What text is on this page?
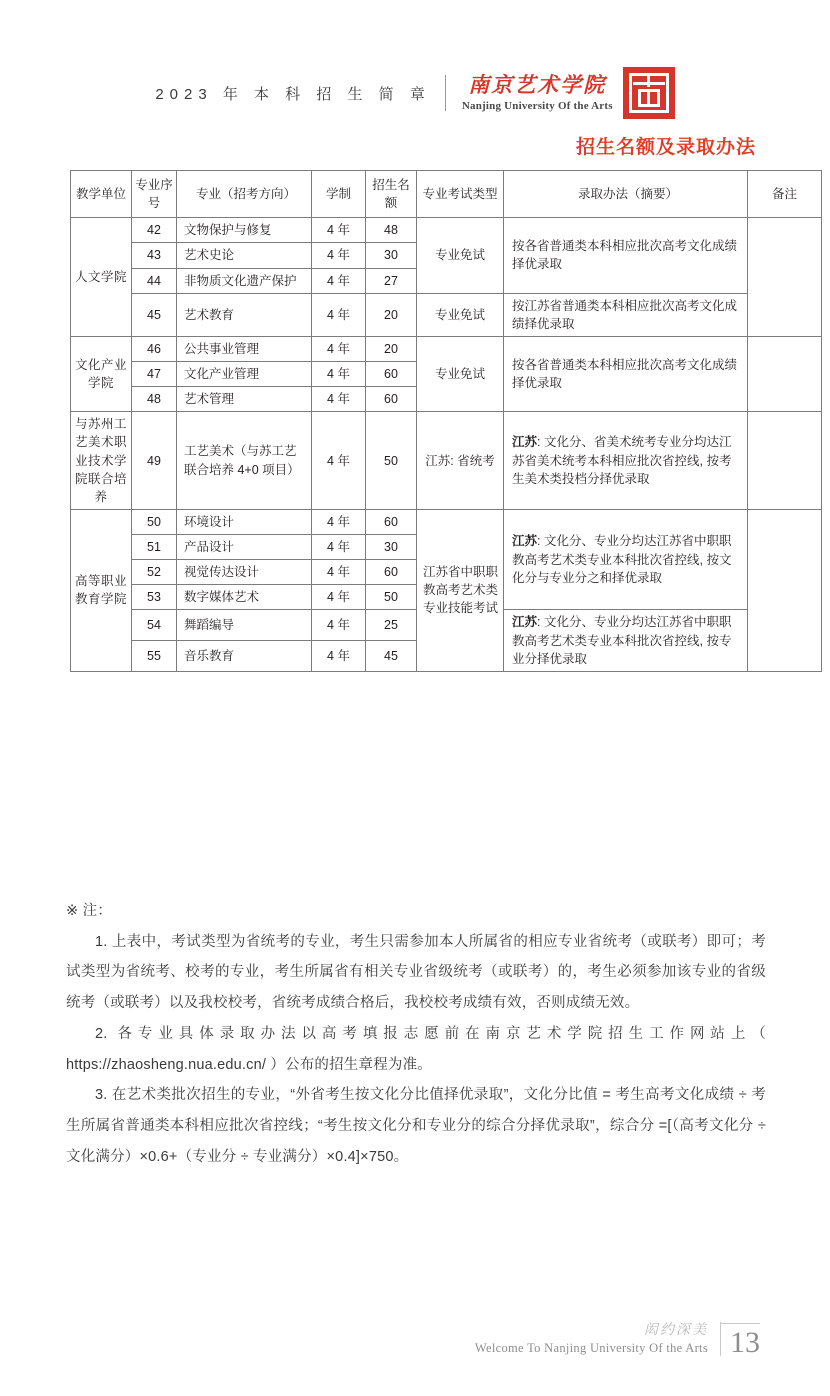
2023 年 本 科 招 生 简 章	南京艺术学院
Nanjing University Of the Arts
招生名额及录取办法
教学单位	专业序号	专业（招考方向）	学制	招生名额	专业考试类型	录取办法（摘要）	备注
人文学院	42	文物保护与修复	4 年	48	专业免试	按各省普通类本科相应批次高考文化成绩择优录取	
	43	艺术史论	4 年	30			
	44	非物质文化遗产保护	4 年	27			
	45	艺术教育	4 年	20	专业免试	按江苏省普通类本科相应批次高考文化成绩择优录取	
文化产业学院	46	公共事业管理	4 年	20	专业免试	按各省普通类本科相应批次高考文化成绩择优录取	
	47	文化产业管理	4 年	60			
	48	艺术管理	4 年	60			
与苏州工艺美术职业技术学院联合培养	49	工艺美术（与苏工艺联合培养 4+0 项目）	4 年	50	江苏: 省统考	江苏: 文化分、省美术统考专业分均达江苏省美术统考本科相应批次省控线, 按考生美术类投档分择优录取	
高等职业教育学院	50	环境设计	4 年	60	江苏省中职职教高考艺术类专业技能考试	江苏: 文化分、专业分均达江苏省中职职教高考艺术类专业本科批次省控线, 按文化分与专业分之和择优录取	
	51	产品设计	4 年	30			
	52	视觉传达设计	4 年	60			
	53	数字媒体艺术	4 年	50			
	54	舞蹈编导	4 年	25		江苏: 文化分、专业分均达江苏省中职职教高考艺术类专业本科批次省控线, 按专业分择优录取	
	55	音乐教育	4 年	45			

※ 注：

1. 上表中，考试类型为省统考的专业，考生只需参加本人所属省的相应专业省统考（或联考）即可；考试类型为省统考、校考的专业，考生所属省有相关专业省级统考（或联考）的，考生必须参加该专业的省级统考（或联考）以及我校校考，省统考成绩合格后，我校校考成绩有效，否则成绩无效。

2. 各专业具体录取办法以高考填报志愿前在南京艺术学院招生工作网站上（ https://zhaosheng.nua.edu.cn/ ）公布的招生章程为准。

3. 在艺术类批次招生的专业，“外省考生按文化分比值择优录取”，文化分比值 = 考生高考文化成绩 ÷ 考生所属省普通类本科相应批次省控线；“考生按文化分和专业分的综合分择优录取”，综合分 =[（高考文化分 ÷ 文化满分）×0.6+（专业分 ÷ 专业满分）×0.4]×750。

闳约深美
Welcome To Nanjing University Of the Arts 13
